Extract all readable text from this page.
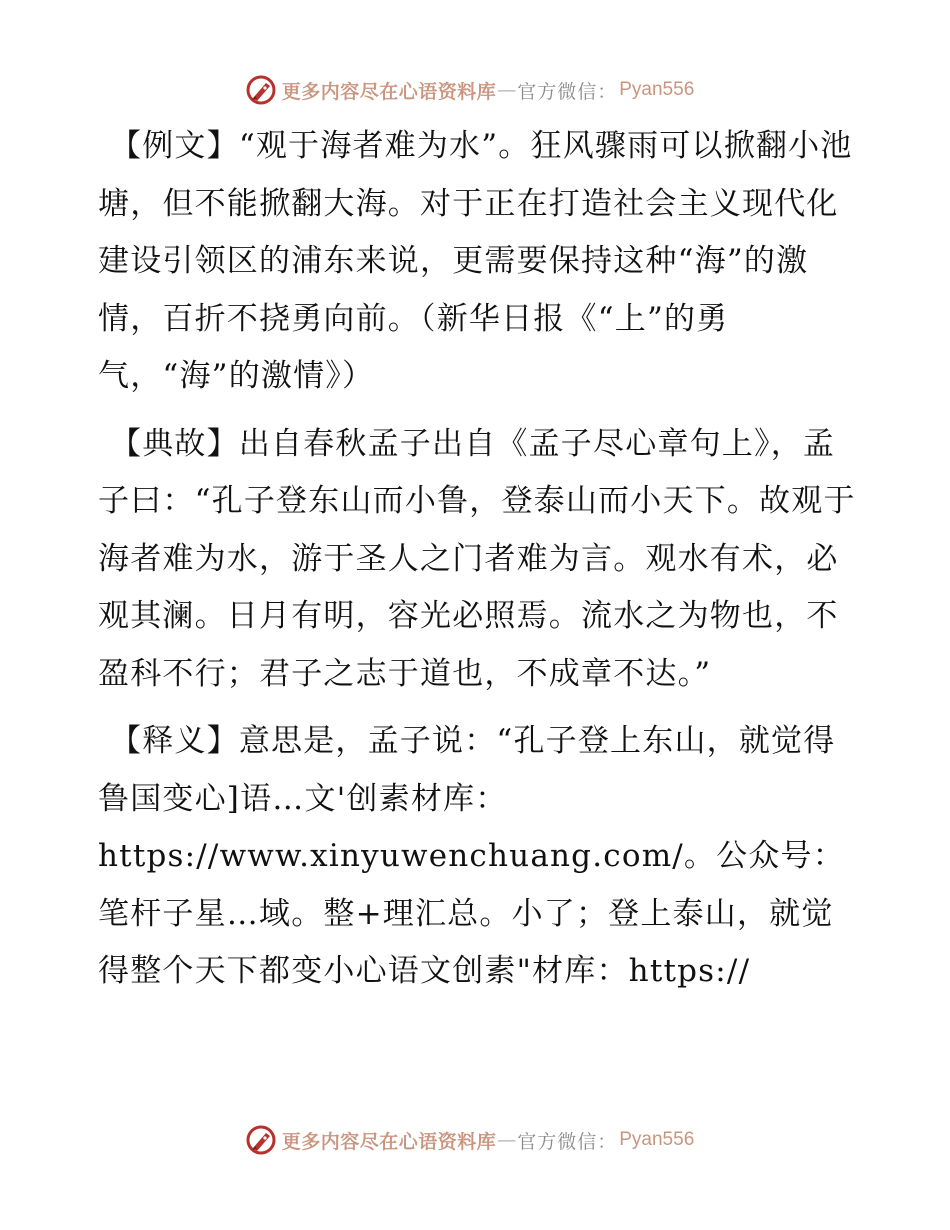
更多内容尽在心语资料库 — 官方微信： Pyan556

【例文】“观于海者难为水”。狂风骤雨可以掀翻小池塘，但不能掀翻大海。对于正在打造社会主义现代化建设引领区的浦东来说，更需要保持这种“海”的激情，百折不挠勇向前。（新华日报《“上”的勇气，“海”的激情》）

【典故】出自春秋孟子出自《孟子尽心章句上》，孟子曰：“孔子登东山而小鲁，登泰山而小天下。故观于海者难为水，游于圣人之门者难为言。观水有术，必观其澜。日月有明，容光必照焉。流水之为物也，不盈科不行；君子之志于道也，不成章不达。”

【释义】意思是，孟子说：“孔子登上东山，就觉得鲁国变心]语…文'创素材库：https://www.xinyuwenchuang.com/。公众号：笔杆子星…域。整+理汇总。小了；登上泰山，就觉得整个天下都变小心语文创素"材库：https://

更多内容尽在心语资料库 — 官方微信： Pyan556
